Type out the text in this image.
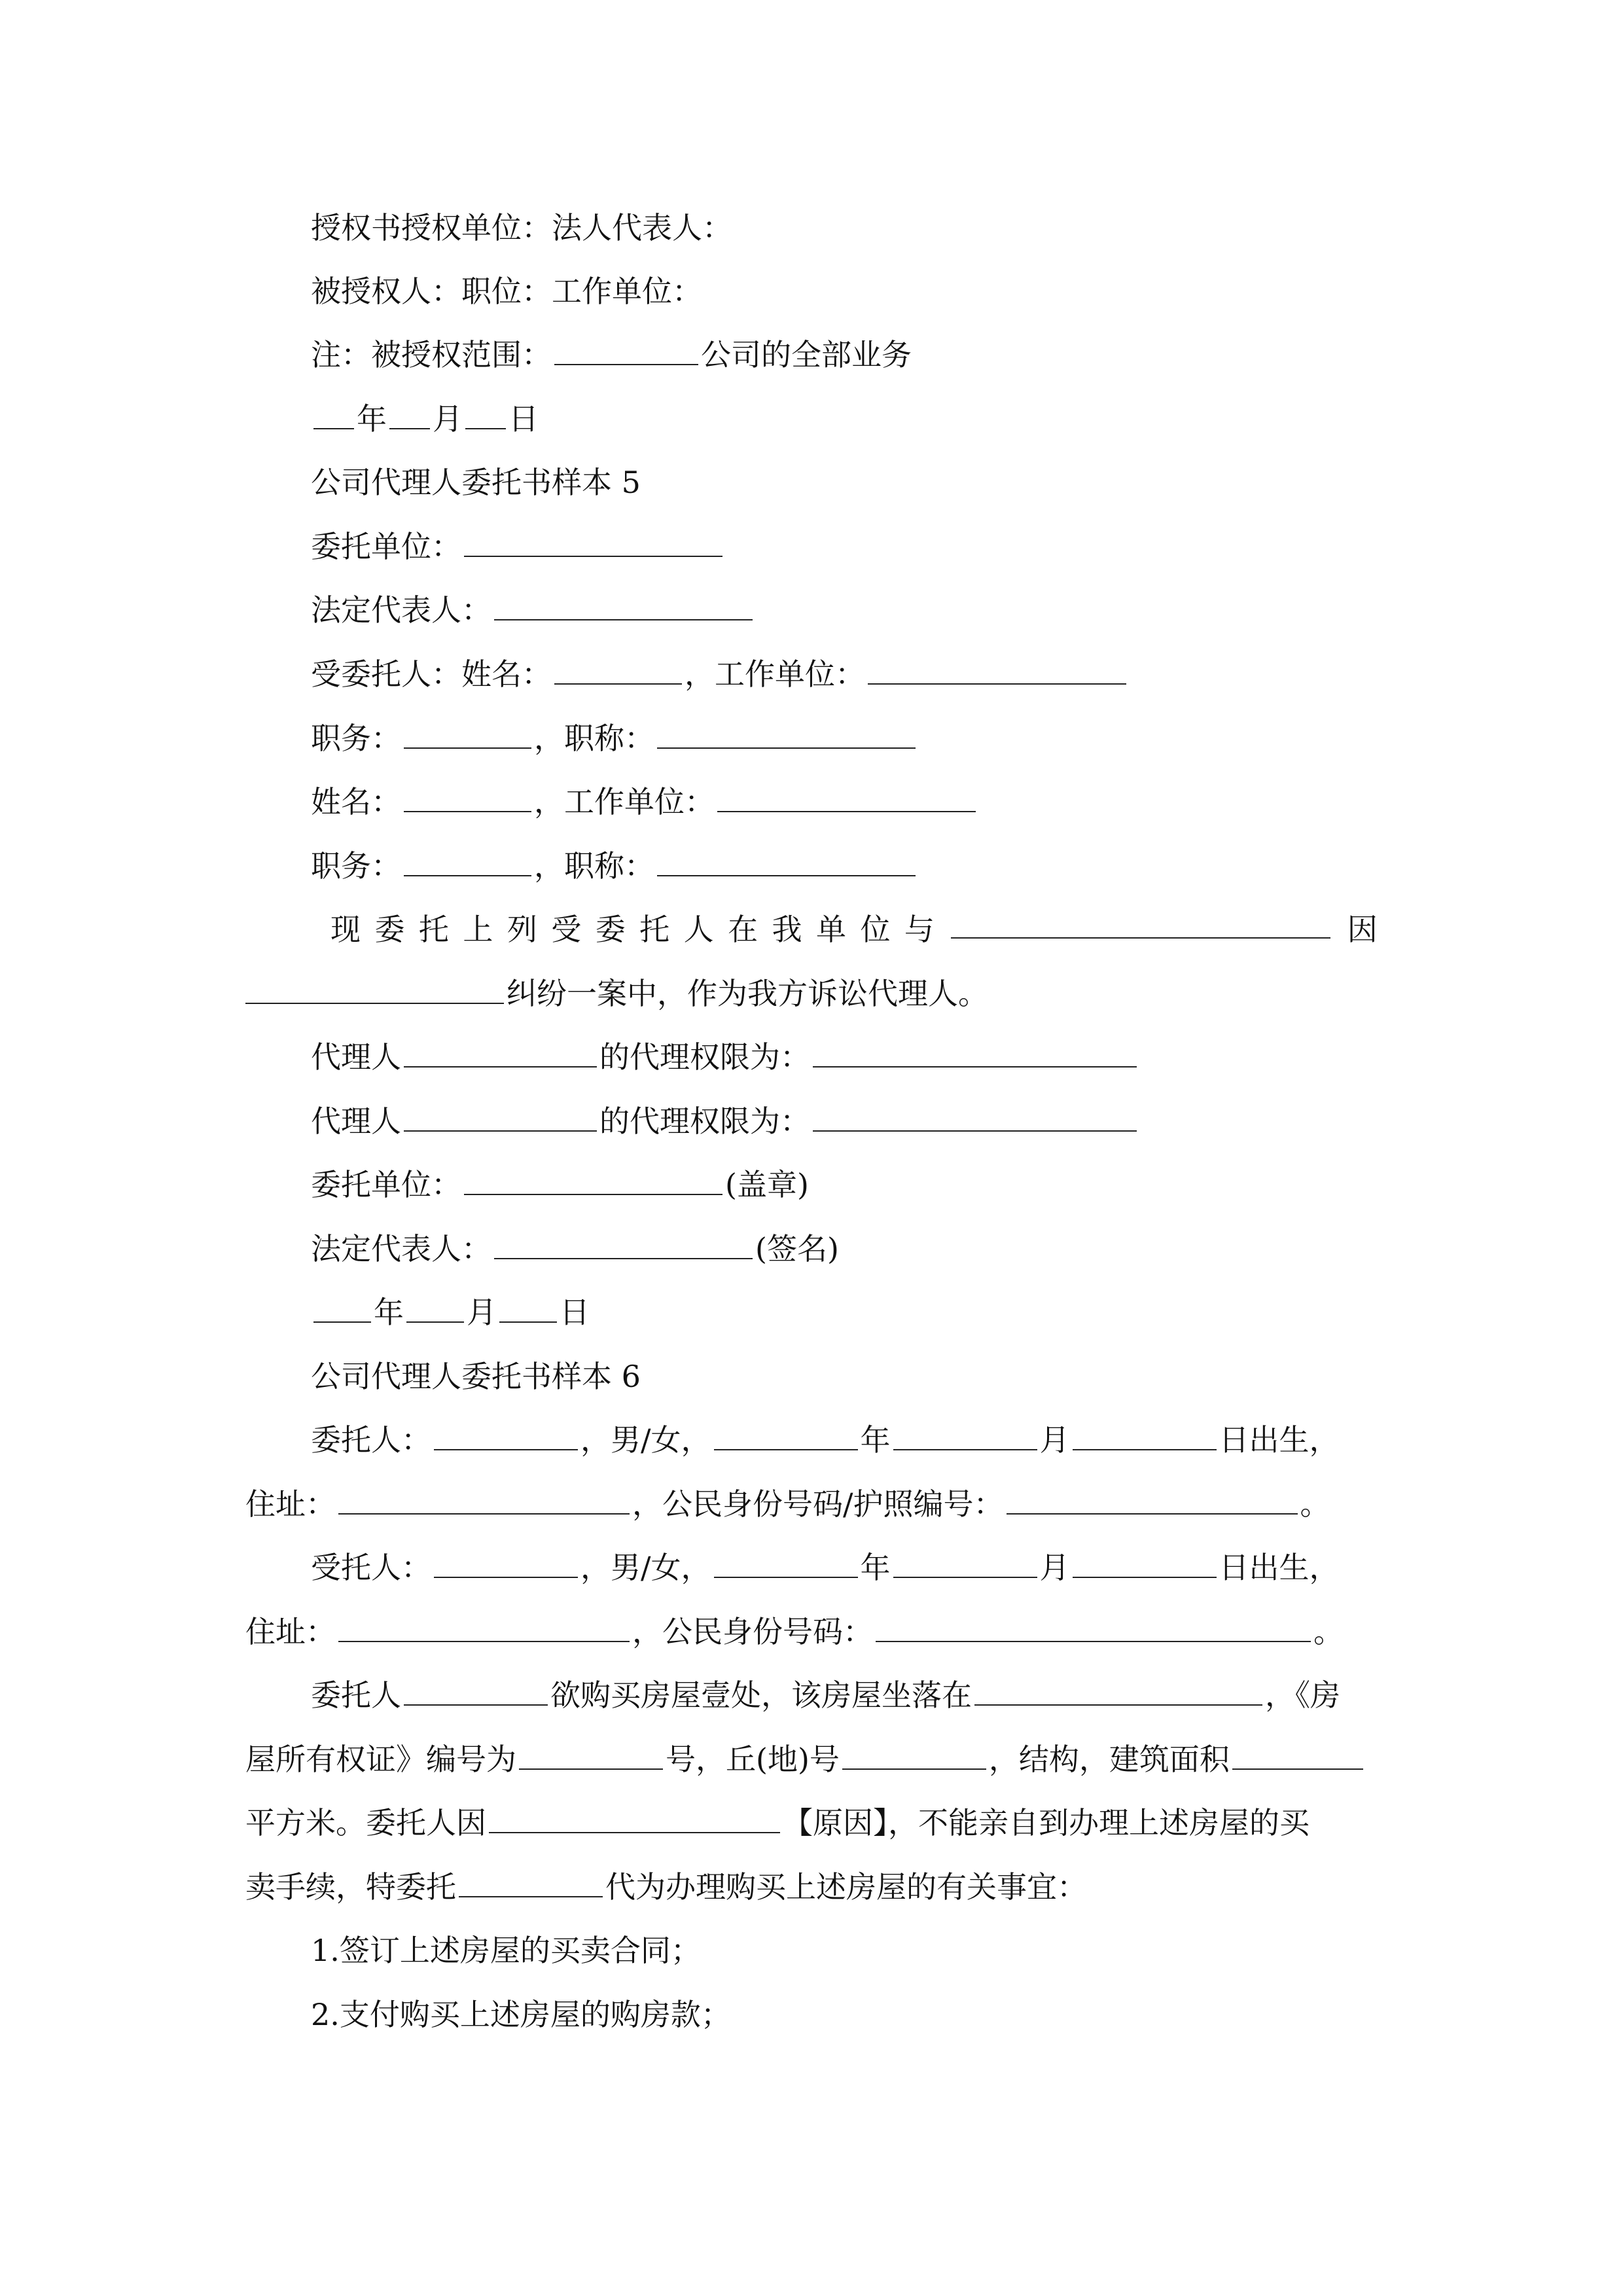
授权书授权单位：法人代表人：
被授权人：职位：工作单位：
注：被授权范围：	公司的全部业务
年 月 日
公司代理人委托书样本 5
委托单位：
法定代表人：
受委托人：姓名：	，工作单位：
职务：	，职称：
姓名：	，工作单位：
职务：	，职称：
现 委 托 上 列 受 委 托 人 在 我 单 位 与	因
纠纷一案中，作为我方诉讼代理人。
代理人	的代理权限为：
代理人	的代理权限为：
委托单位：	(盖章)
法定代表人：	(签名)
年 月 日
公司代理人委托书样本 6
委托人：	，男/女，	年	月	日出生，
住址：	，公民身份号码/护照编号：	。
受托人：	，男/女，	年	月	日出生，
住址：	，公民身份号码：	。
委托人	欲购买房屋壹处，该房屋坐落在	，《房
屋所有权证》编号为	号，丘(地)号	，结构，建筑面积
平方米。委托人因	【原因】，不能亲自到办理上述房屋的买
卖手续，特委托	代为办理购买上述房屋的有关事宜：
1.签订上述房屋的买卖合同；
2.支付购买上述房屋的购房款；
